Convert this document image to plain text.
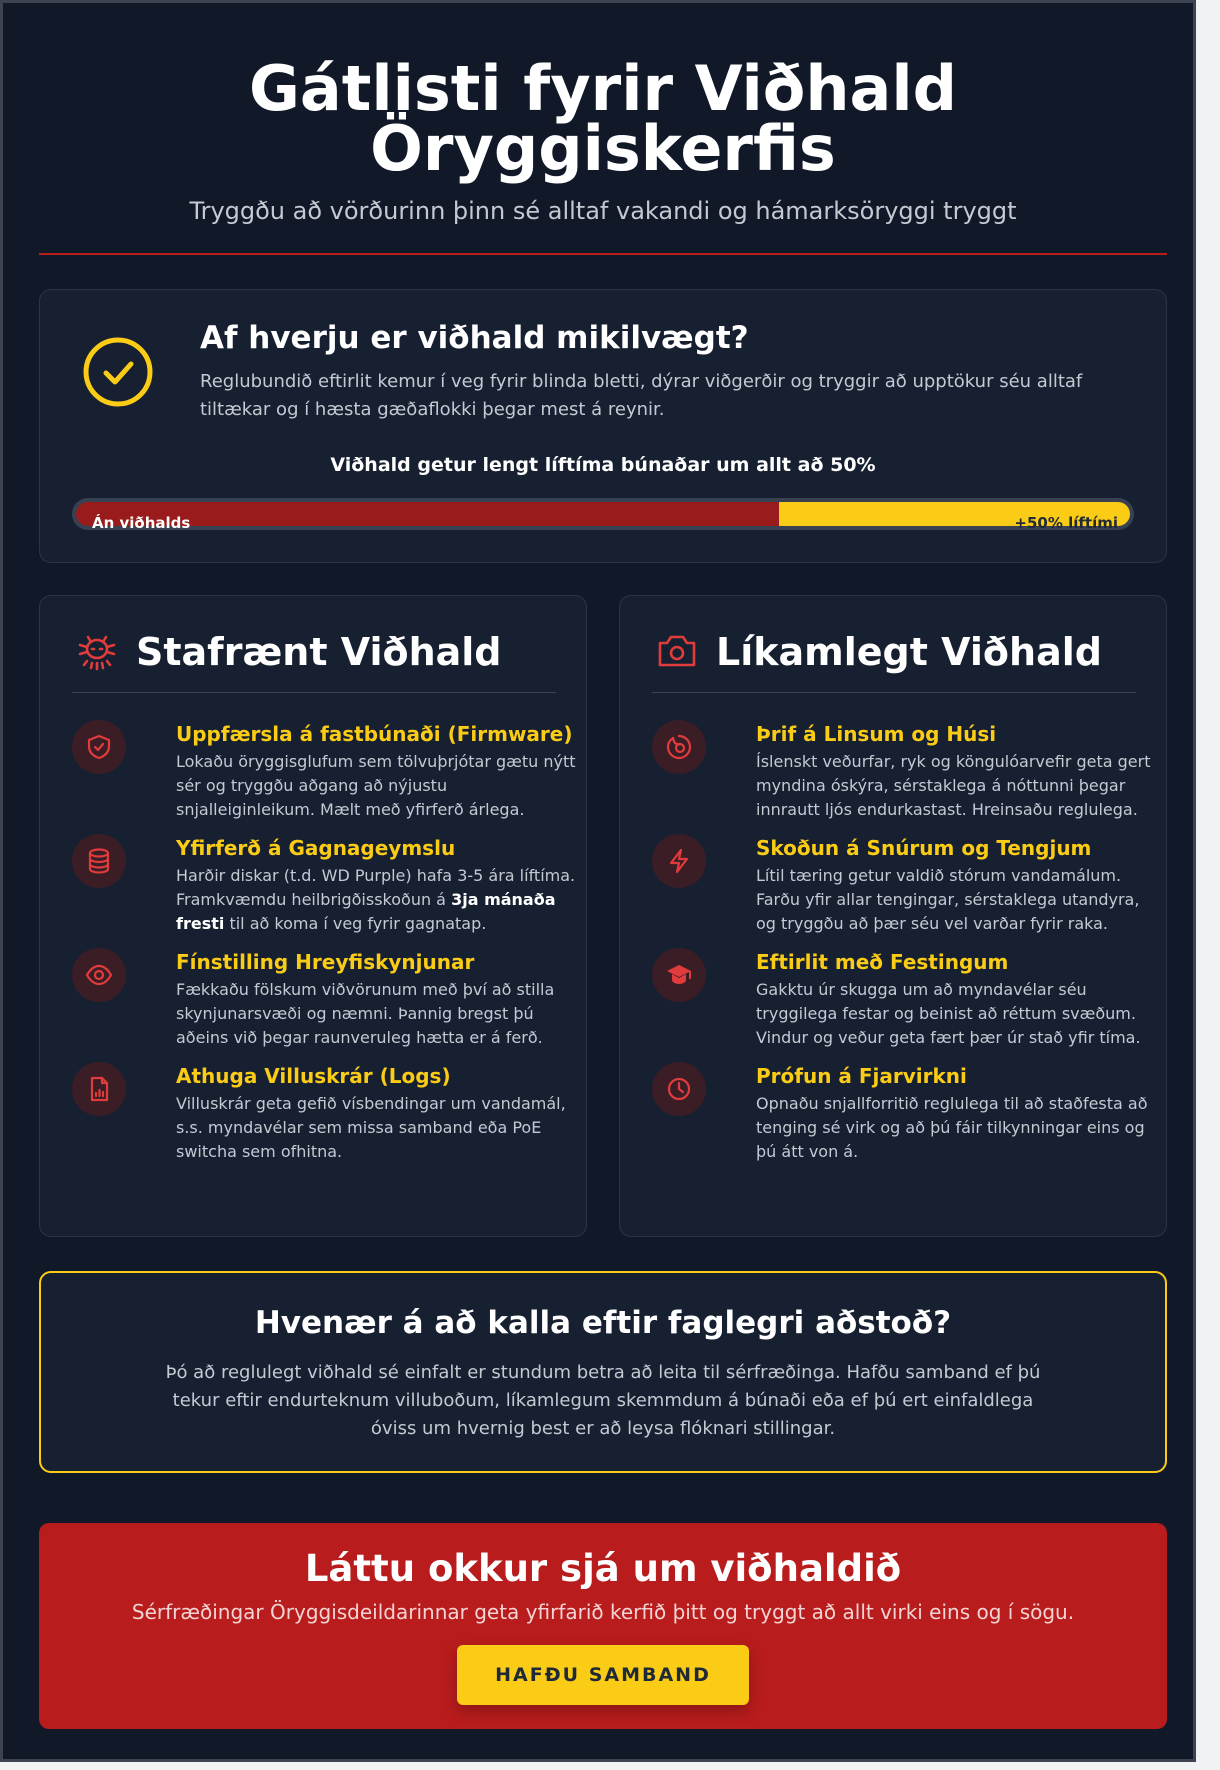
Gátlisti fyrir Viðhald Öryggiskerfis
Tryggðu að vörðurinn þinn sé alltaf vakandi og hámarksöryggi tryggt
Af hverju er viðhald mikilvægt?
Reglubundið eftirlit kemur í veg fyrir blinda bletti, dýrar viðgerðir og tryggir að upptökur séu alltaf tiltækar og í hæsta gæðaflokki þegar mest á reynir.
Viðhald getur lengt líftíma búnaðar um allt að 50%
Án viðhalds	+50% líftími
Stafrænt Viðhald
Uppfærsla á fastbúnaði (Firmware)
Lokaðu öryggisglufum sem tölvuþrjótar gætu nýtt sér og tryggðu aðgang að nýjustu snjalleiginleikum. Mælt með yfirferð árlega.
Yfirferð á Gagnageymslu
Harðir diskar (t.d. WD Purple) hafa 3-5 ára líftíma. Framkvæmdu heilbrigðisskoðun á 3ja mánaða fresti til að koma í veg fyrir gagnatap.
Fínstilling Hreyfiskynjunar
Fækkaðu fölskum viðvörunum með því að stilla skynjunarsvæði og næmni. Þannig bregst þú aðeins við þegar raunveruleg hætta er á ferð.
Athuga Villuskrár (Logs)
Villuskrár geta gefið vísbendingar um vandamál, s.s. myndavélar sem missa samband eða PoE switcha sem ofhitna.
Líkamlegt Viðhald
Þrif á Linsum og Húsi
Íslenskt veðurfar, ryk og köngulóarvefir geta gert myndina óskýra, sérstaklega á nóttunni þegar innrautt ljós endurkastast. Hreinsaðu reglulega.
Skoðun á Snúrum og Tengjum
Lítil tæring getur valdið stórum vandamálum. Farðu yfir allar tengingar, sérstaklega utandyra, og tryggðu að þær séu vel varðar fyrir raka.
Eftirlit með Festingum
Gakktu úr skugga um að myndavélar séu tryggilega festar og beinist að réttum svæðum. Vindur og veður geta fært þær úr stað yfir tíma.
Prófun á Fjarvirkni
Opnaðu snjallforritið reglulega til að staðfesta að tenging sé virk og að þú fáir tilkynningar eins og þú átt von á.
Hvenær á að kalla eftir faglegri aðstoð?
Þó að reglulegt viðhald sé einfalt er stundum betra að leita til sérfræðinga. Hafðu samband ef þú tekur eftir endurteknum villuboðum, líkamlegum skemmdum á búnaði eða ef þú ert einfaldlega óviss um hvernig best er að leysa flóknari stillingar.
Láttu okkur sjá um viðhaldið
Sérfræðingar Öryggisdeildarinnar geta yfirfarið kerfið þitt og tryggt að allt virki eins og í sögu.
HAFÐU SAMBAND
